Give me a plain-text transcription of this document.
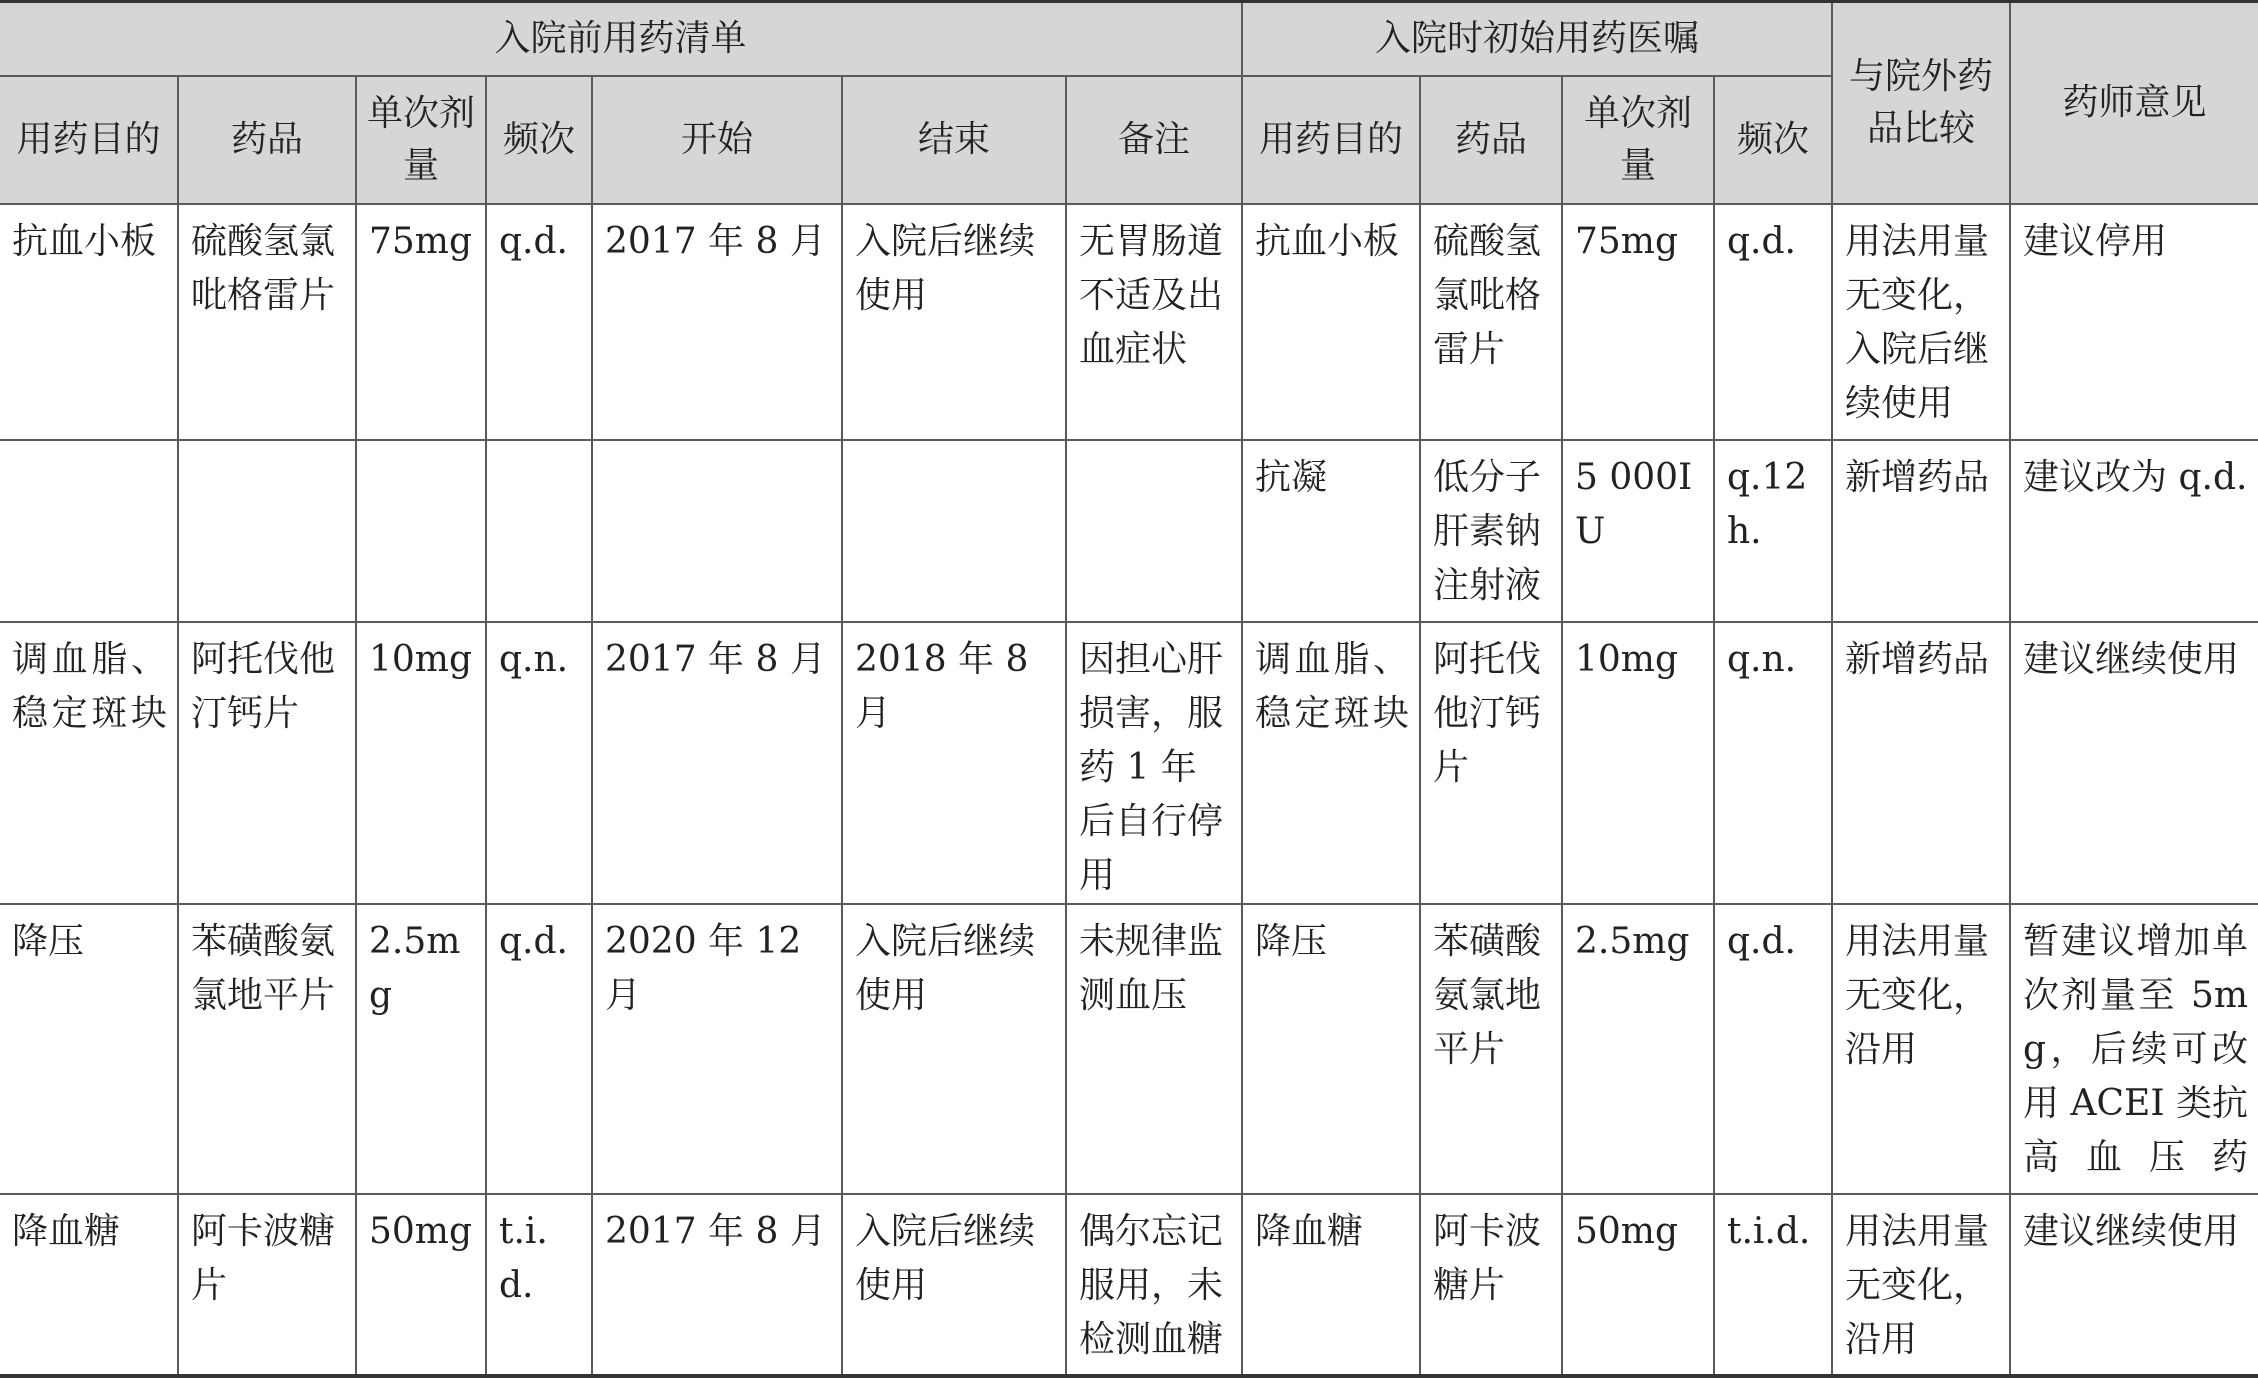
入院前用药清单							入院时初始用药医嘱				与院外药品比较	药师意见
用药目的	药品	单次剂量	频次	开始	结束	备注	用药目的	药品	单次剂量	频次		
抗血小板	硫酸氢氯吡格雷片	75mg	q.d.	2017 年 8 月	入院后继续使用	无胃肠道不适及出血症状	抗血小板	硫酸氢氯吡格雷片	75mg	q.d.	用法用量无变化，入院后继续使用	建议停用
							抗凝	低分子肝素钠注射液	5 000IU	q.12h.	新增药品	建议改为 q.d.
调血脂、稳定斑块	阿托伐他汀钙片	10mg	q.n.	2017 年 8 月	2018 年 8 月	因担心肝损害，服药 1 年后自行停用	调血脂、稳定斑块	阿托伐他汀钙片	10mg	q.n.	新增药品	建议继续使用
降压	苯磺酸氨氯地平片	2.5mg	q.d.	2020 年 12 月	入院后继续使用	未规律监测血压	降压	苯磺酸氨氯地平片	2.5mg	q.d.	用法用量无变化，沿用	暂建议增加单次剂量至 5mg，后续可改用 ACEI 类抗高血压药
降血糖	阿卡波糖片	50mg	t.i.d.	2017 年 8 月	入院后继续使用	偶尔忘记服用，未检测血糖	降血糖	阿卡波糖片	50mg	t.i.d.	用法用量无变化，沿用	建议继续使用
